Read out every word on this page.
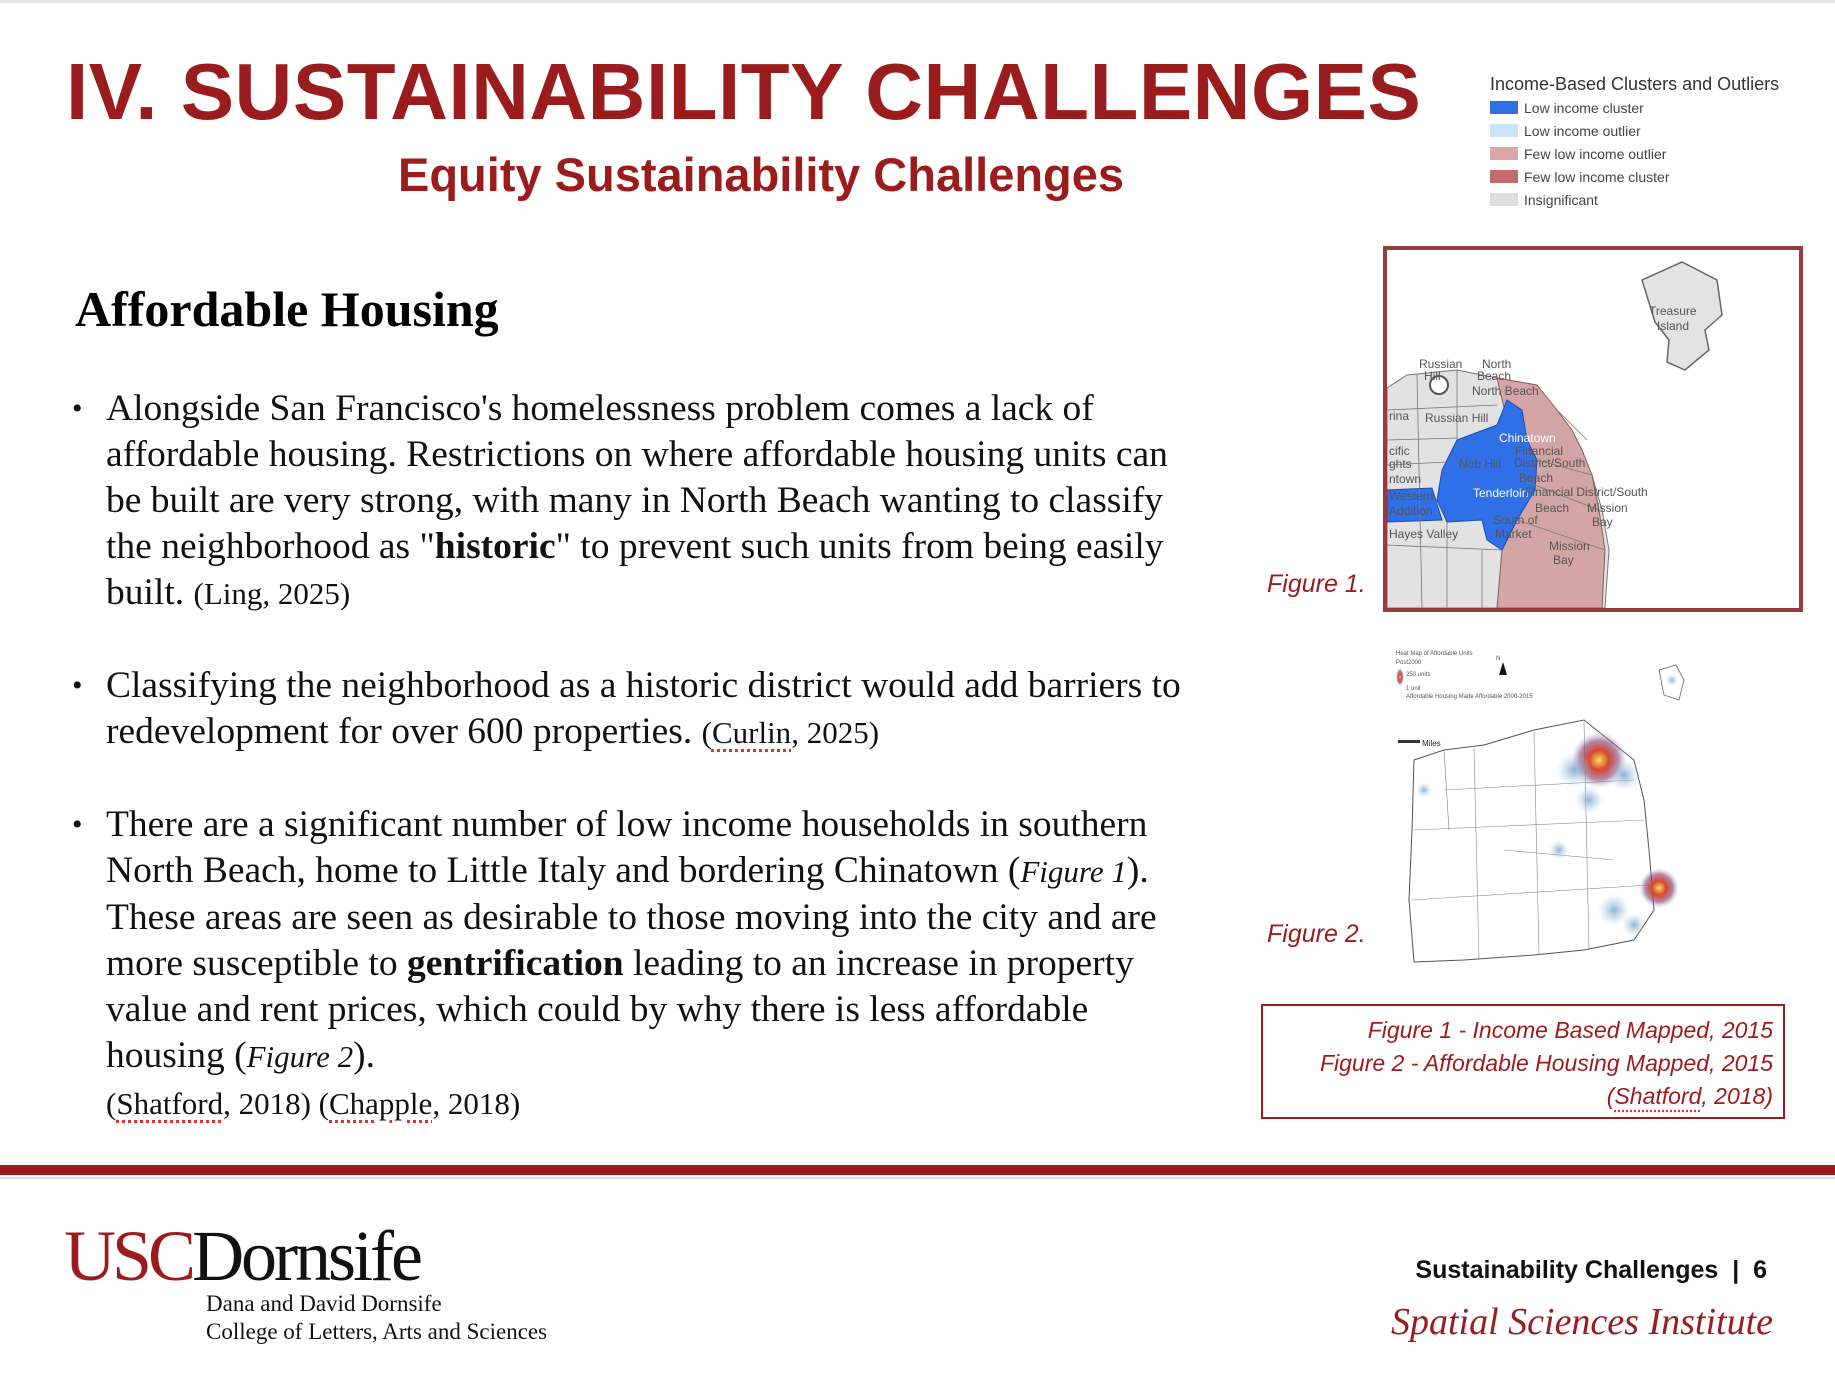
IV. SUSTAINABILITY CHALLENGES
Equity Sustainability Challenges
Income-Based Clusters and Outliers
Low income cluster
Low income outlier
Few low income outlier
Few low income cluster
Insignificant
Affordable Housing
• Alongside San Francisco's homelessness problem comes a lack of affordable housing. Restrictions on where affordable housing units can be built are very strong, with many in North Beach wanting to classify the neighborhood as "historic" to prevent such units from being easily built. (Ling, 2025)
• Classifying the neighborhood as a historic district would add barriers to redevelopment for over 600 properties. (Curlin, 2025)
• There are a significant number of low income households in southern North Beach, home to Little Italy and bordering Chinatown (Figure 1). These areas are seen as desirable to those moving into the city and are more susceptible to gentrification leading to an increase in property value and rent prices, which could by why there is less affordable housing (Figure 2).
(Shatford, 2018) (Chapple, 2018)
Figure 1.
Treasure
Island
Russian North
Hill	Beach
North Beach
rina Russian Hill
Chinatown
Financial
District/South
cific
ghts	Nob Hill
Beach
ntown
Tenderloin
Financial District/South
Western
Addition	Beach Mission
Bay
Hayes Valley
South of
Market
Mission
Bay
Figure 2.
Heat Map of Affordable Units
Post2000
250 units
1 unit
Affordable Housing Made Affordable 2000-2015
Miles
N
Figure 1 - Income Based Mapped, 2015
Figure 2 - Affordable Housing Mapped, 2015
(Shatford, 2018)
USCDornsife
Dana and David Dornsife
College of Letters, Arts and Sciences
Sustainability Challenges | 6
Spatial Sciences Institute
